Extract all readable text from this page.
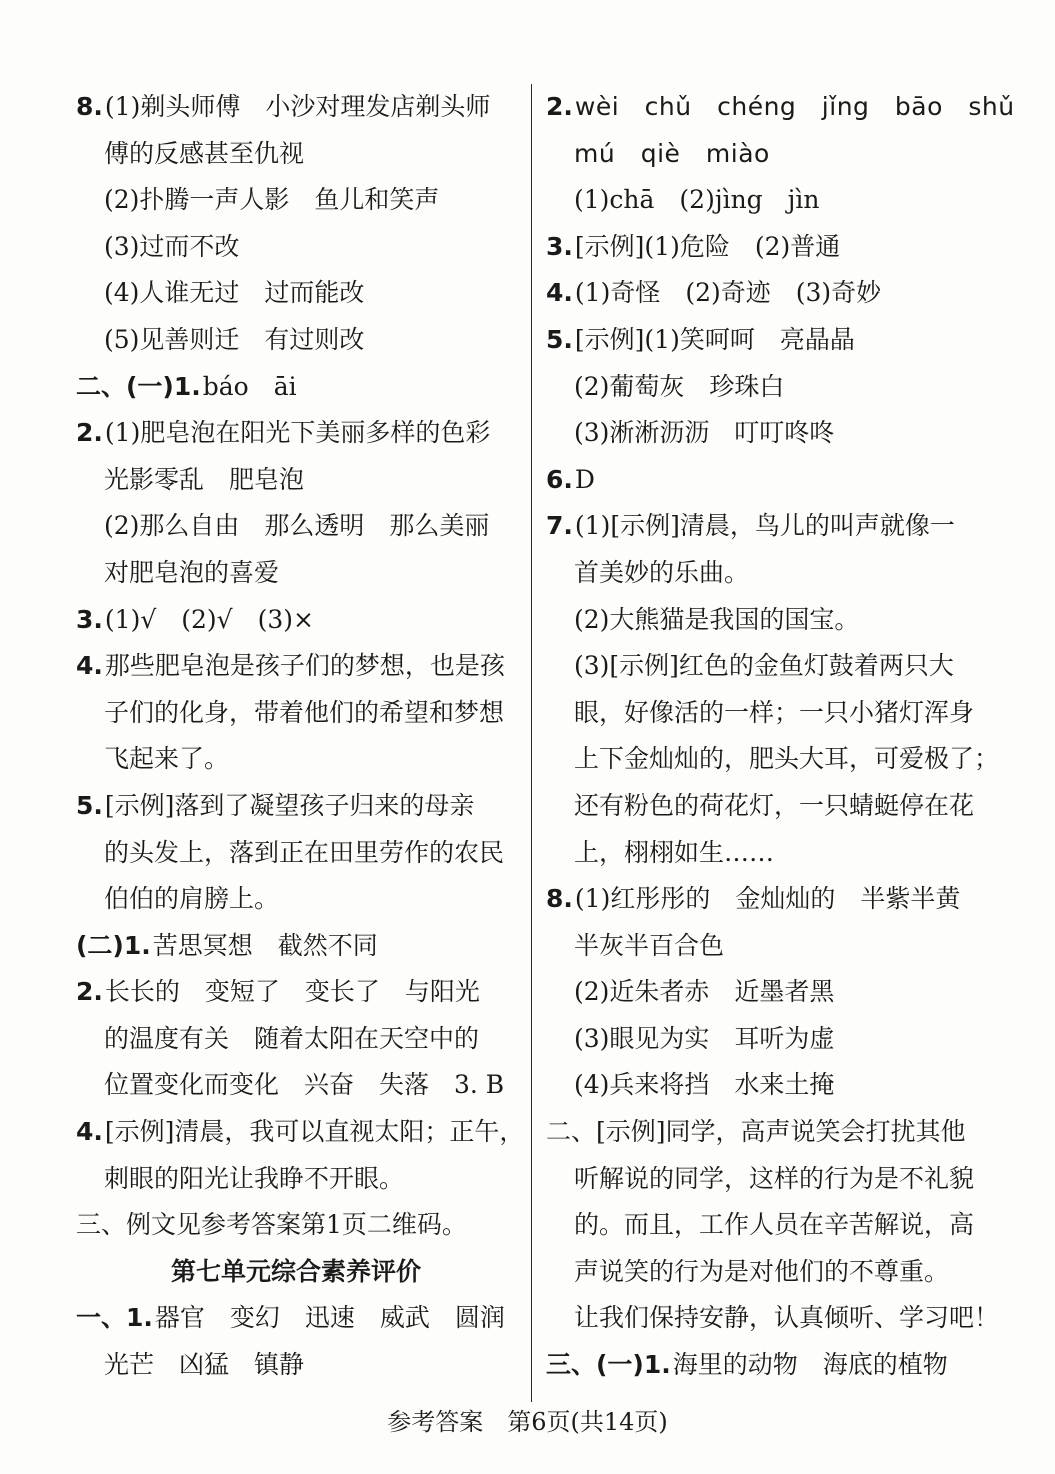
8.(1)剃头师傅　小沙对理发店剃头师
傅的反感甚至仇视
(2)扑腾一声人影　鱼儿和笑声
(3)过而不改
(4)人谁无过　过而能改
(5)见善则迁　有过则改
二、(一)1.báo　āi
2.(1)肥皂泡在阳光下美丽多样的色彩
光影零乱　肥皂泡
(2)那么自由　那么透明　那么美丽
对肥皂泡的喜爱
3.(1)√　(2)√　(3)×
4.那些肥皂泡是孩子们的梦想，也是孩
子们的化身，带着他们的希望和梦想
飞起来了。
5.[示例]落到了凝望孩子归来的母亲
的头发上，落到正在田里劳作的农民
伯伯的肩膀上。
(二)1.苦思冥想　截然不同
2.长长的　变短了　变长了　与阳光
的温度有关　随着太阳在天空中的
位置变化而变化　兴奋　失落　3. B
4.[示例]清晨，我可以直视太阳；正午，
刺眼的阳光让我睁不开眼。
三、例文见参考答案第1页二维码。
第七单元综合素养评价
一、1.器官　变幻　迅速　威武　圆润
光芒　凶猛　镇静
2.wèi　chǔ　chéng　jǐng　bāo　shǔ
mú　qiè　miào
(1)chā　(2)jìng　jìn
3.[示例](1)危险　(2)普通
4.(1)奇怪　(2)奇迹　(3)奇妙
5.[示例](1)笑呵呵　亮晶晶
(2)葡萄灰　珍珠白
(3)淅淅沥沥　叮叮咚咚
6.D
7.(1)[示例]清晨，鸟儿的叫声就像一
首美妙的乐曲。
(2)大熊猫是我国的国宝。
(3)[示例]红色的金鱼灯鼓着两只大
眼，好像活的一样；一只小猪灯浑身
上下金灿灿的，肥头大耳，可爱极了；
还有粉色的荷花灯，一只蜻蜓停在花
上，栩栩如生……
8.(1)红彤彤的　金灿灿的　半紫半黄
半灰半百合色
(2)近朱者赤　近墨者黑
(3)眼见为实　耳听为虚
(4)兵来将挡　水来土掩
二、[示例]同学，高声说笑会打扰其他
听解说的同学，这样的行为是不礼貌
的。而且，工作人员在辛苦解说，高
声说笑的行为是对他们的不尊重。
让我们保持安静，认真倾听、学习吧！
三、(一)1.海里的动物　海底的植物
参考答案　第6页(共14页)
